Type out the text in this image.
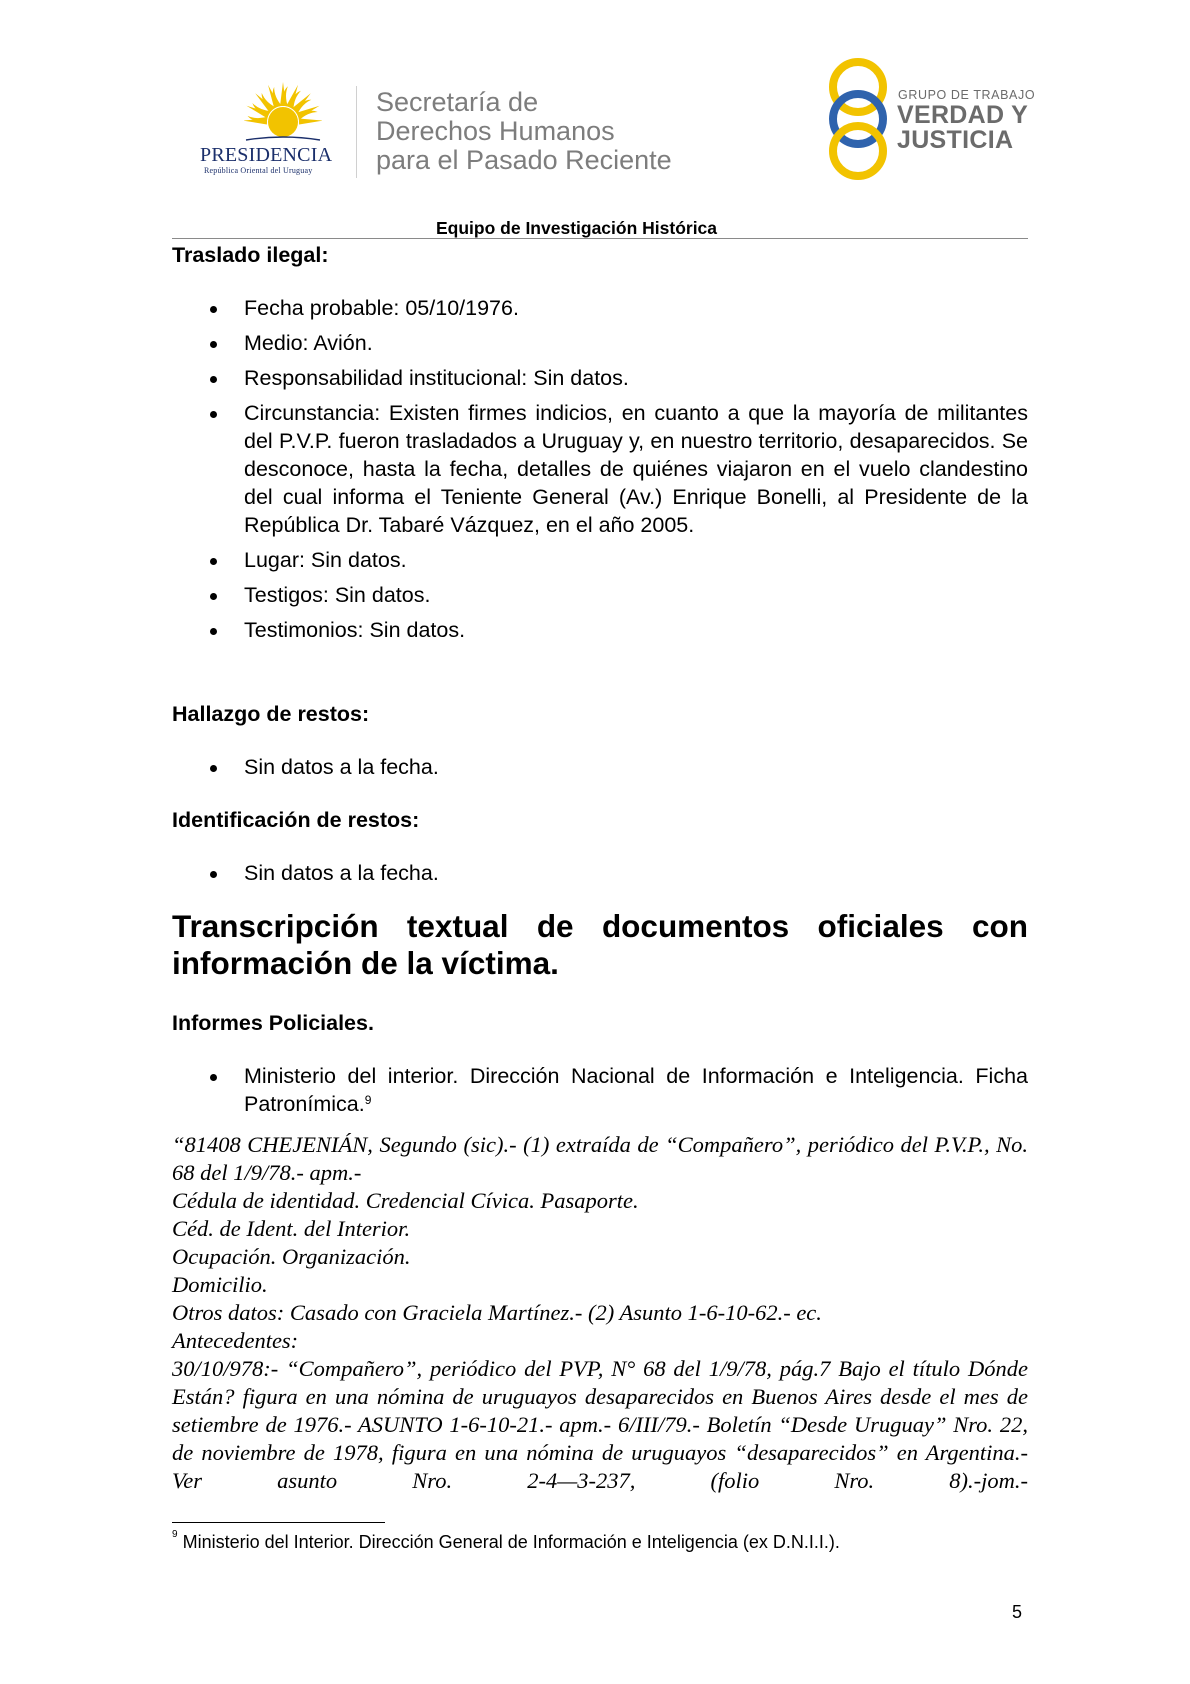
PRESIDENCIA
República Oriental del Uruguay
Secretaría de
Derechos Humanos
para el Pasado Reciente
GRUPO DE TRABAJO
VERDAD Y
JUSTICIA
Equipo de Investigación Histórica
Traslado ilegal:
Fecha probable: 05/10/1976.
Medio: Avión.
Responsabilidad institucional: Sin datos.
Circunstancia: Existen firmes indicios, en cuanto a que la mayoría de militantes del P.V.P. fueron trasladados a Uruguay y, en nuestro territorio, desaparecidos. Se desconoce, hasta la fecha, detalles de quiénes viajaron en el vuelo clandestino del cual informa el Teniente General (Av.) Enrique Bonelli, al Presidente de la República Dr. Tabaré Vázquez, en el año 2005.
Lugar: Sin datos.
Testigos: Sin datos.
Testimonios: Sin datos.
Hallazgo de restos:
Sin datos a la fecha.
Identificación de restos:
Sin datos a la fecha.
Transcripción textual de documentos oficiales con información de la víctima.
Informes Policiales.
Ministerio del interior. Dirección Nacional de Información e Inteligencia. Ficha Patronímica.$^9$

“81408 CHEJENIÁN, Segundo (sic).- (1) extraída de “Compañero”, periódico del P.V.P., No. 68 del 1/9/78.- apm.-

Cédula de identidad. Credencial Cívica. Pasaporte.

Céd. de Ident. del Interior.

Ocupación. Organización.

Domicilio.

Otros datos: Casado con Graciela Martínez.- (2) Asunto 1-6-10-62.- ec.

Antecedentes:

30/10/978:- “Compañero”, periódico del PVP, N° 68 del 1/9/78, pág.7 Bajo el título Dónde Están? figura en una nómina de uruguayos desaparecidos en Buenos Aires desde el mes de setiembre de 1976.- ASUNTO 1-6-10-21.- apm.- 6/III/79.- Boletín “Desde Uruguay” Nro. 22, de noviembre de 1978, figura en una nómina de uruguayos “desaparecidos” en Argentina.- Ver asunto Nro. 2-4—3-237, (folio Nro. 8).-jom.-

$^9$ Ministerio del Interior. Dirección General de Información e Inteligencia (ex D.N.I.I.).
5
